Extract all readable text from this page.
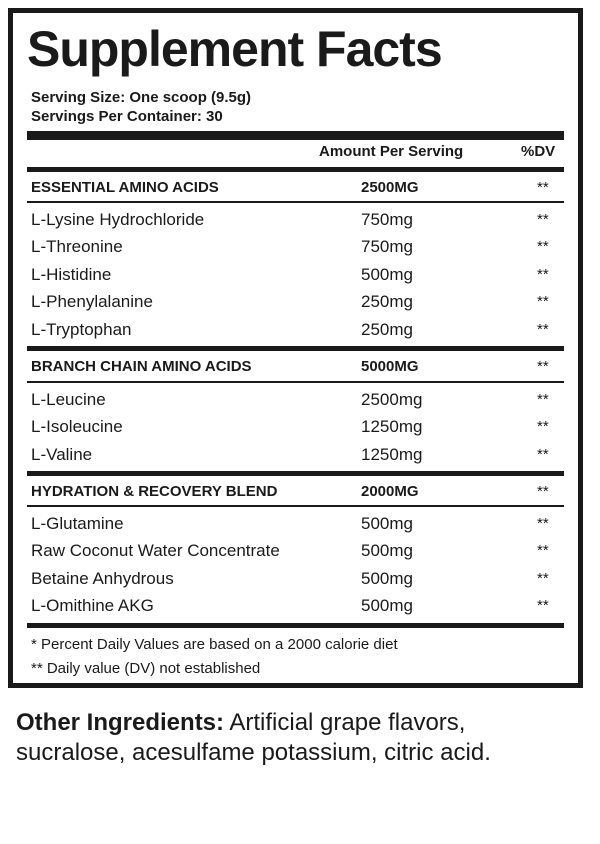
Supplement Facts
Serving Size: One scoop (9.5g)
Servings Per Container: 30
Amount Per Serving	%DV
ESSENTIAL AMINO ACIDS	2500MG	**
L-Lysine Hydrochloride	750mg	**
L-Threonine	750mg	**
L-Histidine	500mg	**
L-Phenylalanine	250mg	**
L-Tryptophan	250mg	**
BRANCH CHAIN AMINO ACIDS	5000MG	**
L-Leucine	2500mg	**
L-Isoleucine	1250mg	**
L-Valine	1250mg	**
HYDRATION & RECOVERY BLEND	2000MG	**
L-Glutamine	500mg	**
Raw Coconut Water Concentrate	500mg	**
Betaine Anhydrous	500mg	**
L-Omithine AKG	500mg	**
* Percent Daily Values are based on a 2000 calorie diet
** Daily value (DV) not established
Other Ingredients: Artificial grape flavors, sucralose, acesulfame potassium, citric acid.
